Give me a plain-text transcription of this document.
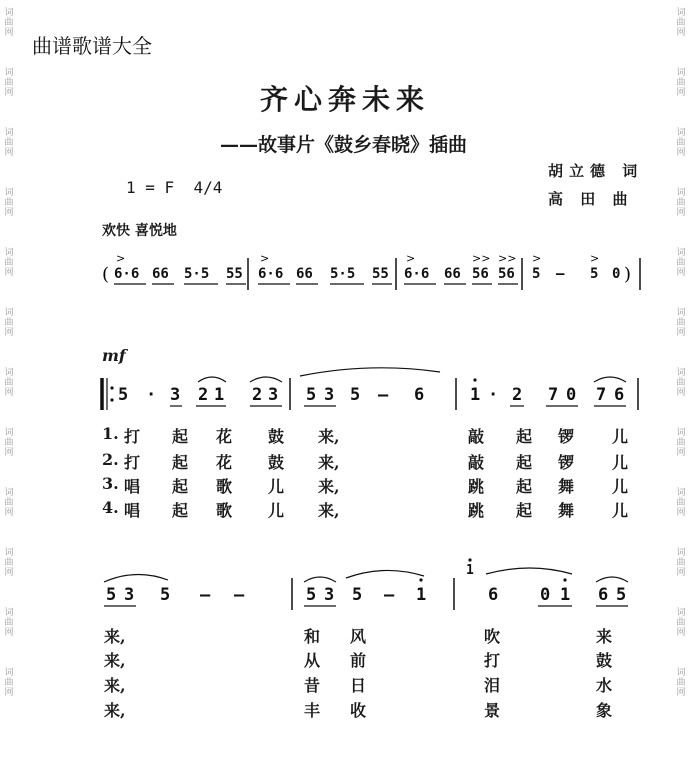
词
曲
网
词
曲
网
词
曲
网
词
曲
网
词
曲
网
词
曲
网
词
曲
网
词
曲
网
词
曲
网
词
曲
网
词
曲
网
词
曲
网
词
曲
网
词
曲
网
词
曲
网
词
曲
网
词
曲
网
词
曲
网
词
曲
网
词
曲
网
词
曲
网
词
曲
网
词
曲
网
词
曲
网
曲谱歌谱大全
齐心奔未来
——故事片《鼓乡春晓》插曲
胡立德 词
高 田 曲
1 = F 4/4
欢快 喜悦地
mf
( 6·6 66 5·5 55 6·6 66 5·5 55 6·6 66 56 56 5 — 5 0 )
>	>	>	>> >> >	>
5 · 3 2 1 2 3 5 3 5 — 6	1 · 2 7 0 7 6
5 3 5 — —	5 3 5 — 1
1
6 0 1 6 5
1. 打	起	花	鼓	来,	敲	起	锣	儿
2. 打	起	花	鼓	来,	敲	起	锣	儿
3. 唱	起	歌	儿	来,	跳	起	舞	儿
4. 唱	起	歌	儿	来,	跳	起	舞	儿
来,	和	风	吹	来
来,	从	前	打	鼓
来,	昔	日	泪	水
来,	丰	收	景	象
